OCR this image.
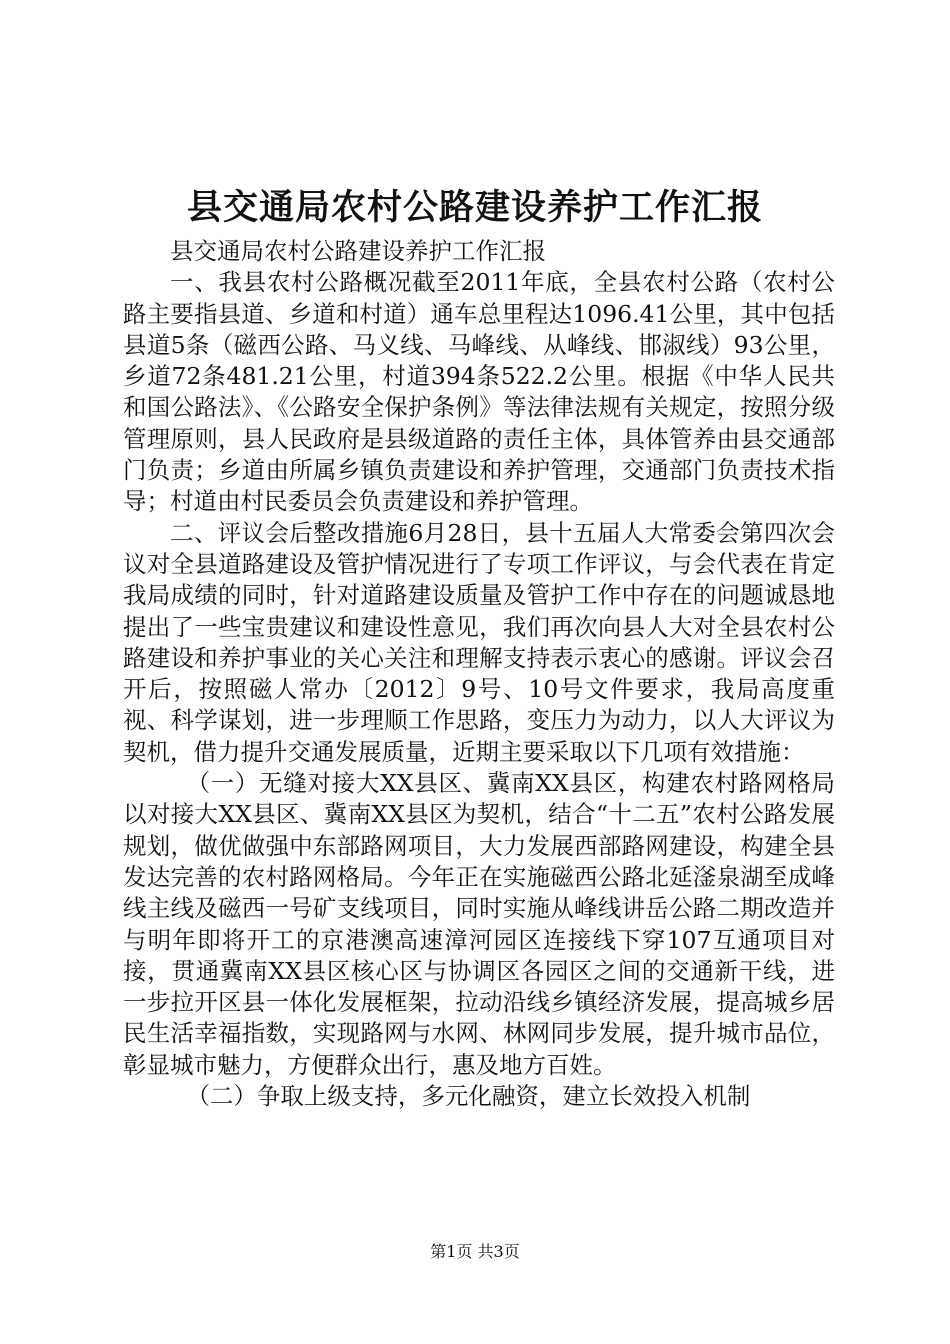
县交通局农村公路建设养护工作汇报

县交通局农村公路建设养护工作汇报

一、我县农村公路概况截至2011年底，全县农村公路（农村公路主要指县道、乡道和村道）通车总里程达1096.41公里，其中包括县道5条（磁西公路、马义线、马峰线、从峰线、邯淑线）93公里，乡道72条481.21公里，村道394条522.2公里。根据《中华人民共和国公路法》、《公路安全保护条例》等法律法规有关规定，按照分级管理原则，县人民政府是县级道路的责任主体，具体管养由县交通部门负责；乡道由所属乡镇负责建设和养护管理，交通部门负责技术指导；村道由村民委员会负责建设和养护管理。

二、评议会后整改措施6月28日，县十五届人大常委会第四次会议对全县道路建设及管护情况进行了专项工作评议，与会代表在肯定我局成绩的同时，针对道路建设质量及管护工作中存在的问题诚恳地提出了一些宝贵建议和建设性意见，我们再次向县人大对全县农村公路建设和养护事业的关心关注和理解支持表示衷心的感谢。评议会召开后，按照磁人常办〔2012〕9号、10号文件要求，我局高度重视、科学谋划，进一步理顺工作思路，变压力为动力，以人大评议为契机，借力提升交通发展质量，近期主要采取以下几项有效措施：

（一）无缝对接大XX县区、冀南XX县区，构建农村路网格局以对接大XX县区、冀南XX县区为契机，结合“十二五”农村公路发展规划，做优做强中东部路网项目，大力发展西部路网建设，构建全县发达完善的农村路网格局。今年正在实施磁西公路北延滏泉湖至成峰线主线及磁西一号矿支线项目，同时实施从峰线讲岳公路二期改造并与明年即将开工的京港澳高速漳河园区连接线下穿107互通项目对接，贯通冀南XX县区核心区与协调区各园区之间的交通新干线，进一步拉开区县一体化发展框架，拉动沿线乡镇经济发展，提高城乡居民生活幸福指数，实现路网与水网、林网同步发展，提升城市品位，彰显城市魅力，方便群众出行，惠及地方百姓。

（二）争取上级支持，多元化融资，建立长效投入机制

第1页 共3页
